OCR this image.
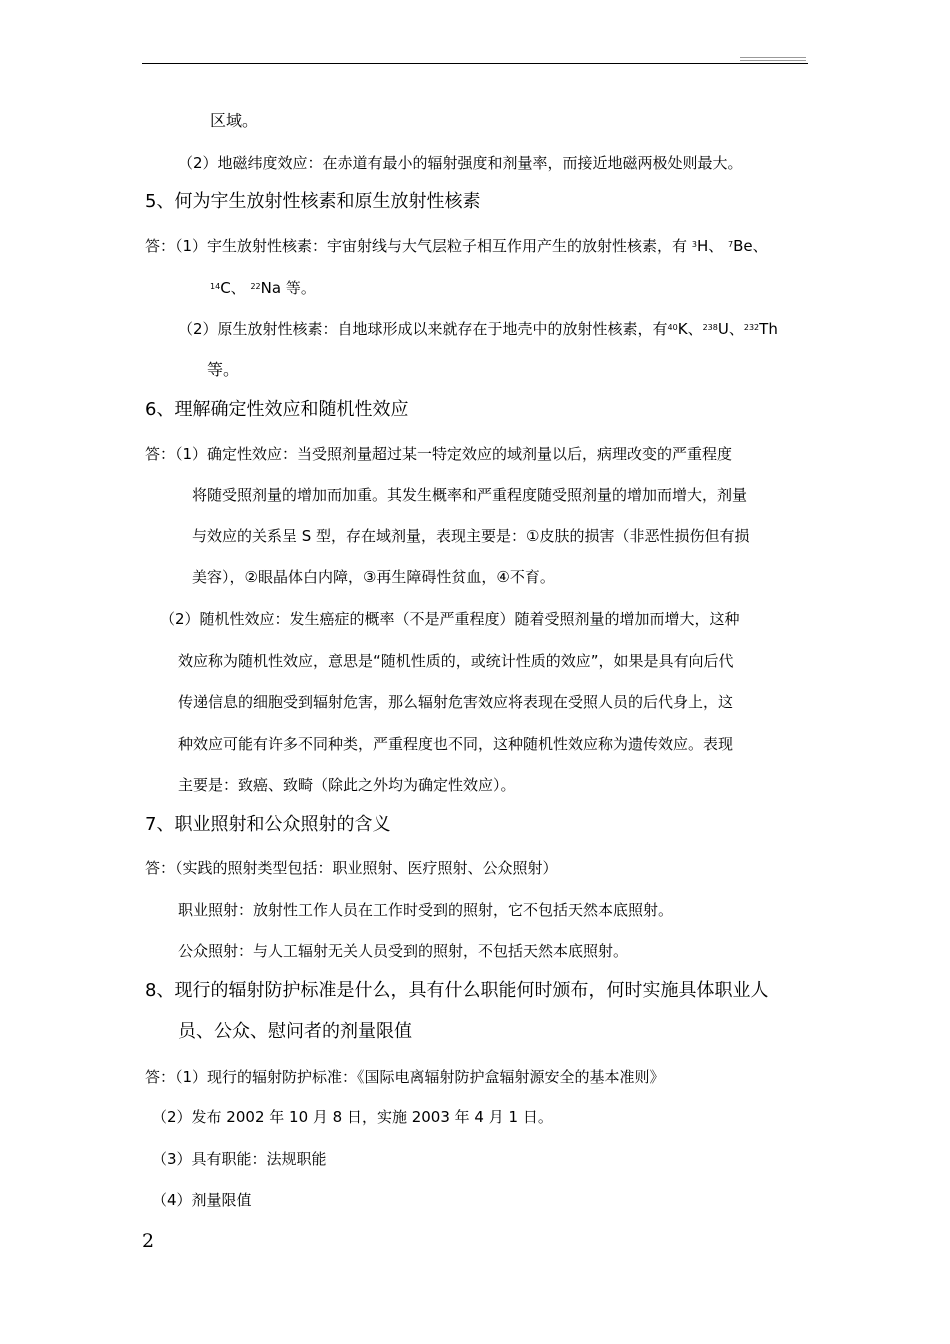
区域。
（2）地磁纬度效应：在赤道有最小的辐射强度和剂量率，而接近地磁两极处则最大。
5、何为宇生放射性核素和原生放射性核素
答：（1）宇生放射性核素：宇宙射线与大气层粒子相互作用产生的放射性核素，有 $^3$H、 $^7$Be、
$^{14}$C、 $^{22}$Na 等。
（2）原生放射性核素：自地球形成以来就存在于地壳中的放射性核素，有$^{40}$K、$^{238}$U、$^{232}$Th
等。
6、理解确定性效应和随机性效应
答：（1）确定性效应：当受照剂量超过某一特定效应的域剂量以后，病理改变的严重程度
将随受照剂量的增加而加重。其发生概率和严重程度随受照剂量的增加而增大，剂量
与效应的关系呈 S 型，存在域剂量，表现主要是：①皮肤的损害（非恶性损伤但有损
美容），②眼晶体白内障，③再生障碍性贫血，④不育。
（2）随机性效应：发生癌症的概率（不是严重程度）随着受照剂量的增加而增大，这种
效应称为随机性效应，意思是“随机性质的，或统计性质的效应”，如果是具有向后代
传递信息的细胞受到辐射危害，那么辐射危害效应将表现在受照人员的后代身上，这
种效应可能有许多不同种类，严重程度也不同，这种随机性效应称为遗传效应。表现
主要是：致癌、致畸（除此之外均为确定性效应）。
7、职业照射和公众照射的含义
答：（实践的照射类型包括：职业照射、医疗照射、公众照射）
职业照射：放射性工作人员在工作时受到的照射，它不包括天然本底照射。
公众照射：与人工辐射无关人员受到的照射，不包括天然本底照射。
8、现行的辐射防护标准是什么，具有什么职能何时颁布，何时实施具体职业人
员、公众、慰问者的剂量限值
答：（1）现行的辐射防护标准：《国际电离辐射防护盒辐射源安全的基本准则》
（2）发布 2002 年 10 月 8 日，实施 2003 年 4 月 1 日。
（3）具有职能：法规职能
（4）剂量限值
2
